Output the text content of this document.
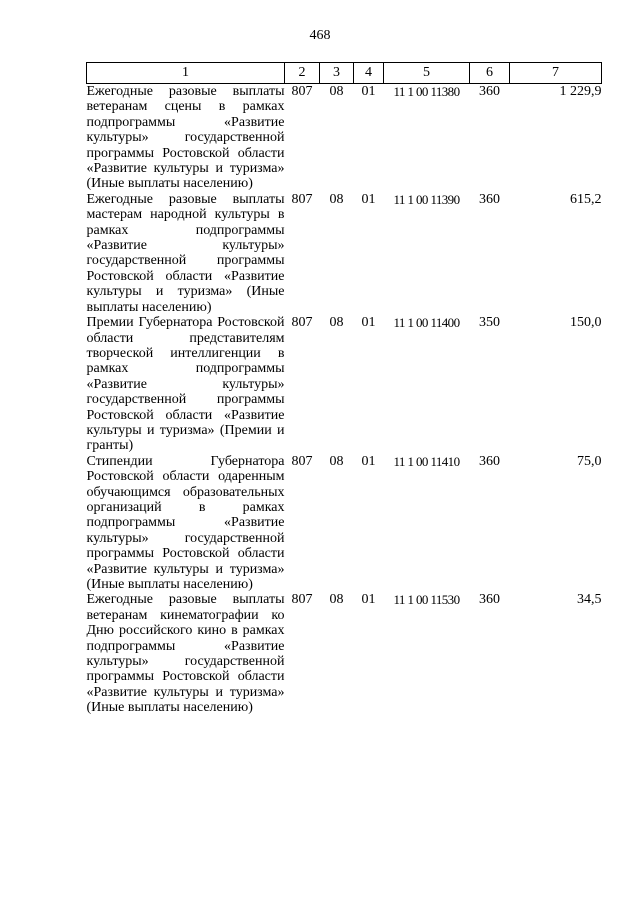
468
1	2	3	4	5	6	7
Ежегодные разовые выплаты ветеранам сцены в рамках подпрограммы «Развитие культуры» государственной программы Ростовской области «Развитие культуры и туризма» (Иные выплаты населению)	807	08	01	11 1 00 11380	360	1 229,9
Ежегодные разовые выплаты мастерам народной культуры в рамках подпрограммы «Развитие культуры» государственной программы Ростовской области «Развитие культуры и туризма» (Иные выплаты населению)	807	08	01	11 1 00 11390	360	615,2
Премии Губернатора Ростовской области представителям творческой интеллигенции в рамках подпрограммы «Развитие культуры» государственной программы Ростовской области «Развитие культуры и туризма» (Премии и гранты)	807	08	01	11 1 00 11400	350	150,0
Стипендии Губернатора Ростовской области одаренным обучающимся образовательных организаций в рамках подпрограммы «Развитие культуры» государственной программы Ростовской области «Развитие культуры и туризма» (Иные выплаты населению)	807	08	01	11 1 00 11410	360	75,0
Ежегодные разовые выплаты ветеранам кинематографии ко Дню российского кино в рамках подпрограммы «Развитие культуры» государственной программы Ростовской области «Развитие культуры и туризма» (Иные выплаты населению)	807	08	01	11 1 00 11530	360	34,5
